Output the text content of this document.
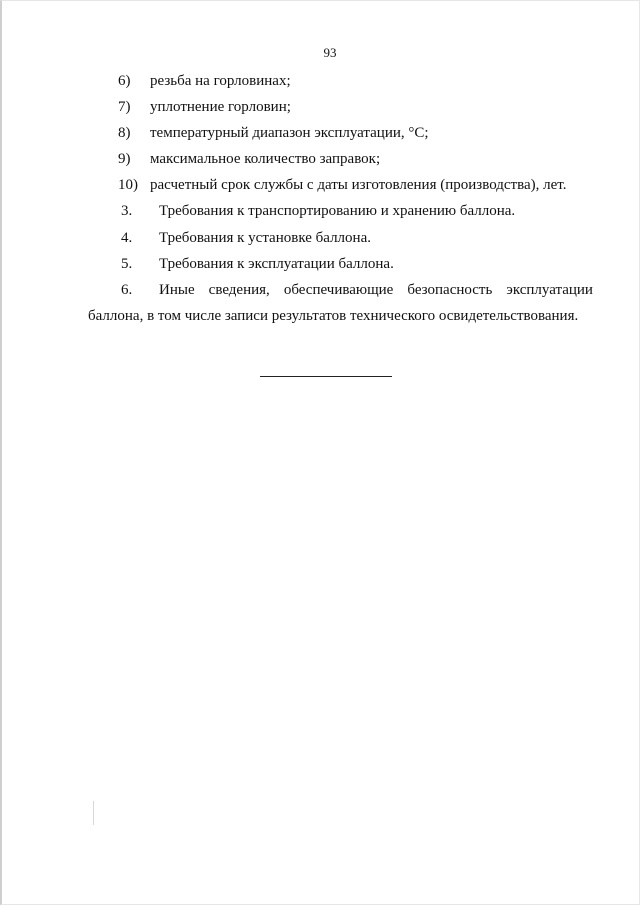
93
6) резьба на горловинах;
7) уплотнение горловин;
8) температурный диапазон эксплуатации, °С;
9) максимальное количество заправок;
10) расчетный срок службы с даты изготовления (производства), лет.
3. Требования к транспортированию и хранению баллона.
4. Требования к установке баллона.
5. Требования к эксплуатации баллона.
6. Иные сведения, обеспечивающие безопасность эксплуатации
баллона, в том числе записи результатов технического освидетельствования.
